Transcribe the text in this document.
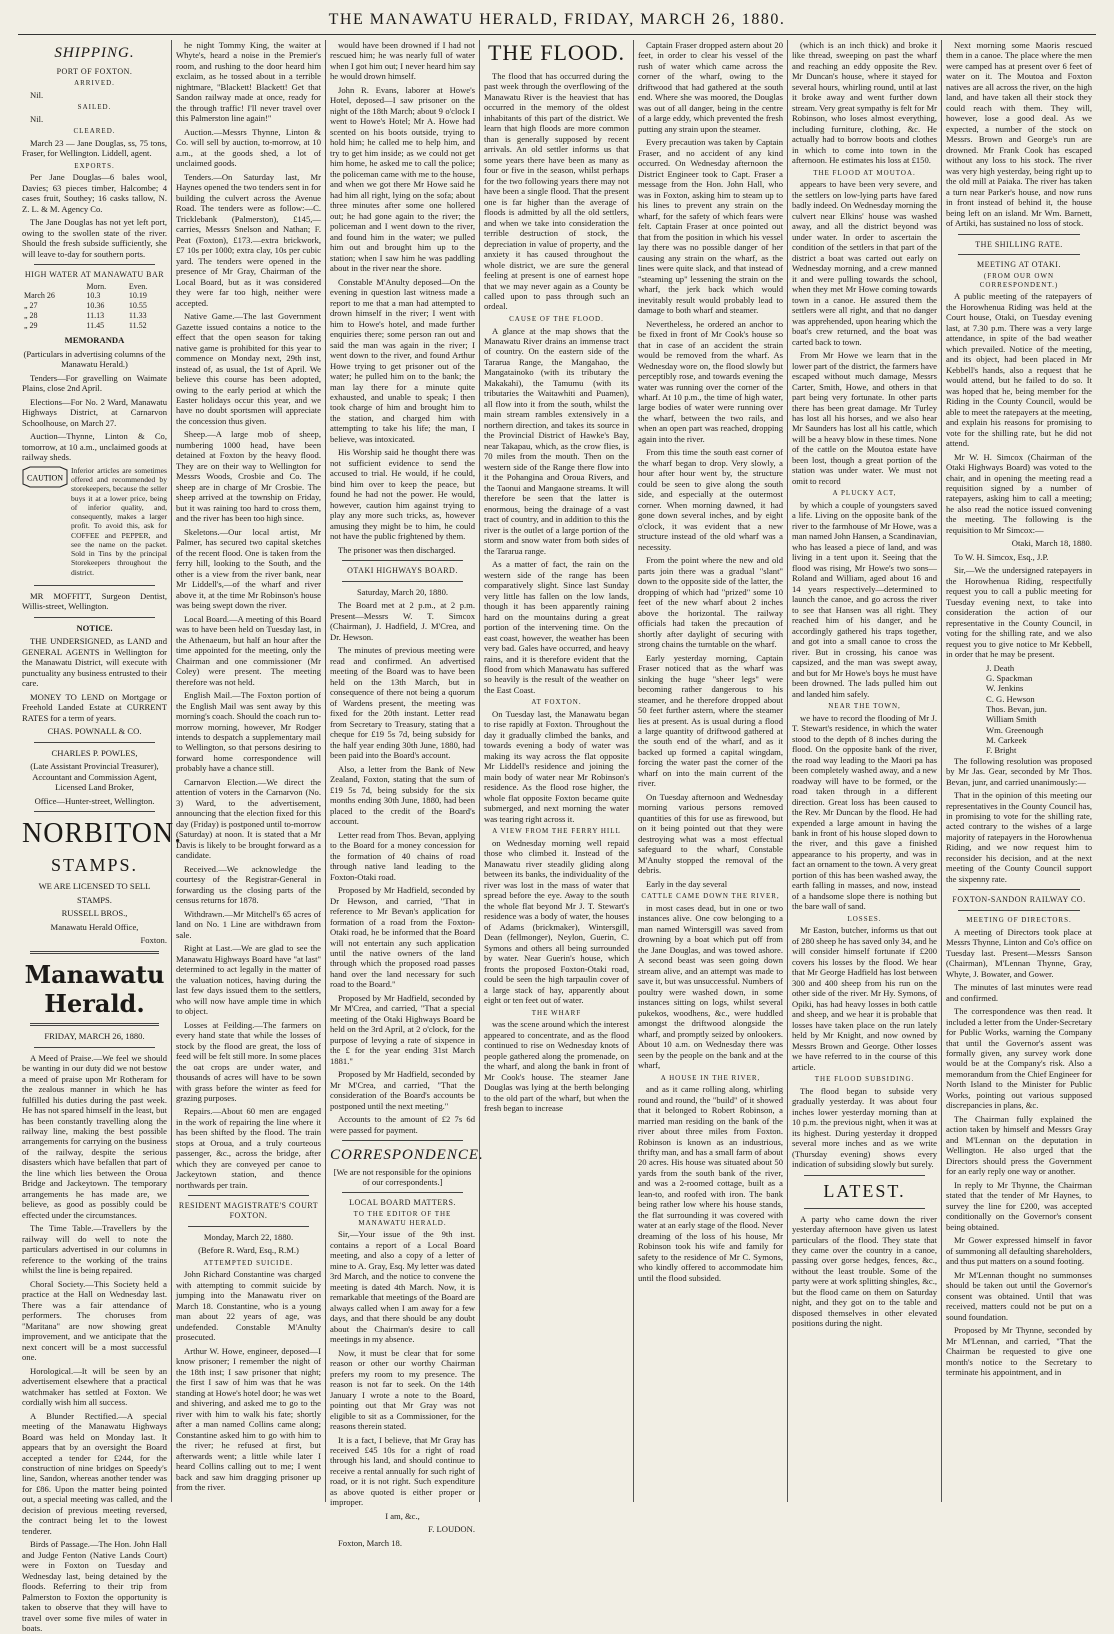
THE MANAWATU HERALD, FRIDAY, MARCH 26, 1880.

SHIPPING.

PORT OF FOXTON.

ARRIVED.

Nil.

SAILED.

Nil.

CLEARED.

March 23 — Jane Douglas, ss, 75 tons, Fraser, for Wellington. Liddell, agent.

EXPORTS.

Per Jane Douglas—6 bales wool, Davies; 63 pieces timber, Halcombe; 4 cases fruit, Southey; 16 casks tallow, N. Z. L. & M. Agency Co.

The Jane Douglas has not yet left port, owing to the swollen state of the river. Should the fresh subside sufficiently, she will leave to-day for southern ports.

HIGH WATER AT MANAWATU BAR

	Morn.	Even.
March 26	10.3	10.19
„ 27	10.36	10.55
„ 28	11.13	11.33
„ 29	11.45	11.52

MEMORANDA

(Particulars in advertising columns of the Manawatu Herald.)

Tenders—For gravelling on Waimate Plains, close 2nd April.

Elections—For No. 2 Ward, Manawatu Highways District, at Carnarvon Schoolhouse, on March 27.

Auction—Thynne, Linton & Co, tomorrow, at 10 a.m., unclaimed goods at railway sheds.

CAUTION

Inferior articles are sometimes offered and recommended by storekeepers, because the seller buys it at a lower price, being of inferior quality, and, consequently, makes a larger profit. To avoid this, ask for COFFEE and PEPPER, and see the name on the packet. Sold in Tins by the principal Storekeepers throughout the district.

MR MOFFITT, Surgeon Dentist, Willis-street, Wellington.

NOTICE.

THE UNDERSIGNED, as LAND and GENERAL AGENTS in Wellington for the Manawatu District, will execute with punctuality any business entrusted to their care.

MONEY TO LEND on Mortgage or Freehold Landed Estate at CURRENT RATES for a term of years.

CHAS. POWNALL & CO.

CHARLES P. POWLES,

(Late Assistant Provincial Treasurer), Accountant and Commission Agent, Licensed Land Broker,

Office—Hunter-street, Wellington.

NORBITON.

STAMPS.

WE ARE LICENSED TO SELL

STAMPS.

RUSSELL BROS.,

Manawatu Herald Office,

Foxton.

Manawatu Herald.

FRIDAY, MARCH 26, 1880.

A Meed of Praise.—We feel we should be wanting in our duty did we not bestow a meed of praise upon Mr Rotheram for the zealous manner in which he has fulfilled his duties during the past week. He has not spared himself in the least, but has been constantly travelling along the railway line, making the best possible arrangements for carrying on the business of the railway, despite the serious disasters which have befallen that part of the line which lies between the Oroua Bridge and Jackeytown. The temporary arrangements he has made are, we believe, as good as possibly could be effected under the circumstances.

The Time Table.—Travellers by the railway will do well to note the particulars advertised in our columns in reference to the working of the trains whilst the line is being repaired.

Choral Society.—This Society held a practice at the Hall on Wednesday last. There was a fair attendance of performers. The choruses from "Maritana" are now showing great improvement, and we anticipate that the next concert will be a most successful one.

Horological.—It will be seen by an advertisement elsewhere that a practical watchmaker has settled at Foxton. We cordially wish him all success.

A Blunder Rectified.—A special meeting of the Manawatu Highways Board was held on Monday last. It appears that by an oversight the Board accepted a tender for £244, for the construction of nine bridges on Speedy's line, Sandon, whereas another tender was for £86. Upon the matter being pointed out, a special meeting was called, and the decision of previous meeting reversed, the contract being let to the lowest tenderer.

Birds of Passage.—The Hon. John Hall and Judge Fenton (Native Lands Court) were in Foxton on Tuesday and Wednesday last, being detained by the floods. Referring to their trip from Palmerston to Foxton the opportunity is taken to observe that they will have to travel over some five miles of water in boats.

he night Tommy King, the waiter at Whyte's, heard a noise in the Premier's room, and rushing to the door heard him exclaim, as he tossed about in a terrible nightmare, "Blackett! Blackett! Get that Sandon railway made at once, ready for the through traffic! I'll never travel over this Palmerston line again!"

Auction.—Messrs Thynne, Linton & Co. will sell by auction, to-morrow, at 10 a.m., at the goods shed, a lot of unclaimed goods.

Tenders.—On Saturday last, Mr Haynes opened the two tenders sent in for building the culvert across the Avenue Road. The tenders were as follow:—C. Tricklebank (Palmerston), £145,—carries, Messrs Snelson and Nathan; F. Peat (Foxton), £173.—extra brickwork, £7 10s per 1000; extra clay, 10s per cubic yard. The tenders were opened in the presence of Mr Gray, Chairman of the Local Board, but as it was considered they were far too high, neither were accepted.

Native Game.—The last Government Gazette issued contains a notice to the effect that the open season for taking native game is prohibited for this year to commence on Monday next, 29th inst, instead of, as usual, the 1st of April. We believe this course has been adopted, owing to the early period at which the Easter holidays occur this year, and we have no doubt sportsmen will appreciate the concession thus given.

Sheep.—A large mob of sheep, numbering 1000 head, have been detained at Foxton by the heavy flood. They are on their way to Wellington for Messrs Woods, Crosbie and Co. The sheep are in charge of Mr Crosbie. The sheep arrived at the township on Friday, but it was raining too hard to cross them, and the river has been too high since.

Skeletons.—Our local artist, Mr Palmer, has secured two capital sketches of the recent flood. One is taken from the ferry hill, looking to the South, and the other is a view from the river bank, near Mr Liddell's,—of the wharf and river above it, at the time Mr Robinson's house was being swept down the river.

Local Board.—A meeting of this Board was to have been held on Tuesday last, in the Athenaeum, but half an hour after the time appointed for the meeting, only the Chairman and one commissioner (Mr Coley) were present. The meeting therefore was not held.

English Mail.—The Foxton portion of the English Mail was sent away by this morning's coach. Should the coach run to-morrow morning, however, Mr Rodger intends to despatch a supplementary mail to Wellington, so that persons desiring to forward home correspondence will probably have a chance still.

Carnarvon Election.—We direct the attention of voters in the Carnarvon (No. 3) Ward, to the advertisement, announcing that the election fixed for this day (Friday) is postponed until to-morrow (Saturday) at noon. It is stated that a Mr Davis is likely to be brought forward as a candidate.

Received.—We acknowledge the courtesy of the Registrar-General in forwarding us the closing parts of the census returns for 1878.

Withdrawn.—Mr Mitchell's 65 acres of land on No. 1 Line are withdrawn from sale.

Right at Last.—We are glad to see the Manawatu Highways Board have "at last" determined to act legally in the matter of the valuation notices, having during the last few days issued them to the settlers, who will now have ample time in which to object.

Losses at Feilding.—The farmers on every hand state that while the losses of stock by the flood are great, the loss of feed will be felt still more. In some places the oat crops are under water, and thousands of acres will have to be sown with grass before the winter as feed for grazing purposes.

Repairs.—About 60 men are engaged in the work of repairing the line where it has been shifted by the flood. The train stops at Oroua, and a truly courteous passenger, &c., across the bridge, after which they are conveyed per canoe to Jackeytown station, and thence northwards per train.

RESIDENT MAGISTRATE'S COURT FOXTON.

Monday, March 22, 1880.

(Before R. Ward, Esq., R.M.)

ATTEMPTED SUICIDE.

John Richard Constantine was charged with attempting to commit suicide by jumping into the Manawatu river on March 18. Constantine, who is a young man about 22 years of age, was undefended. Constable M'Anulty prosecuted.

Arthur W. Howe, engineer, deposed—I know prisoner; I remember the night of the 18th inst; I saw prisoner that night; the first I saw of him was that he was standing at Howe's hotel door; he was wet and shivering, and asked me to go to the river with him to walk his fate; shortly after a man named Collins came along; Constantine asked him to go with him to the river; he refused at first, but afterwards went; a little while later I heard Collins calling out to me; I went back and saw him dragging prisoner up from the river.

would have been drowned if I had not rescued him; he was nearly full of water when I got him out; I never heard him say he would drown himself.

John R. Evans, laborer at Howe's Hotel, deposed—I saw prisoner on the night of the 18th March; about 9 o'clock I went to Howe's Hotel; Mr A. Howe had scented on his boots outside, trying to hold him; he called me to help him, and try to get him inside; as we could not get him home, he asked me to call the police; the policeman came with me to the house, and when we got there Mr Howe said he had him all right, lying on the sofa; about three minutes after some one hollered out; he had gone again to the river; the policeman and I went down to the river, and found him in the water; we pulled him out and brought him up to the station; when I saw him he was paddling about in the river near the shore.

Constable M'Anulty deposed—On the evening in question last witness made a report to me that a man had attempted to drown himself in the river; I went with him to Howe's hotel, and made further enquiries there; some person ran out and said the man was again in the river; I went down to the river, and found Arthur Howe trying to get prisoner out of the water; he pulled him on to the bank; the man lay there for a minute quite exhausted, and unable to speak; I then took charge of him and brought him to the station, and charged him with attempting to take his life; the man, I believe, was intoxicated.

His Worship said he thought there was not sufficient evidence to send the accused to trial. He would, if he could, bind him over to keep the peace, but found he had not the power. He would, however, caution him against trying to play any more such tricks, as, however amusing they might be to him, he could not have the public frightened by them.

The prisoner was then discharged.

OTAKI HIGHWAYS BOARD.

Saturday, March 20, 1880.

The Board met at 2 p.m., at 2 p.m. Present—Messrs W. T. Simcox (Chairman), J. Hadfield, J. M'Crea, and Dr. Hewson.

The minutes of previous meeting were read and confirmed. An advertised meeting of the Board was to have been held on the 13th March, but in consequence of there not being a quorum of Wardens present, the meeting was fixed for the 20th instant. Letter read from Secretary to Treasury, stating that a cheque for £19 5s 7d, being subsidy for the half year ending 30th June, 1880, had been paid into the Board's account.

Also, a letter from the Bank of New Zealand, Foxton, stating that the sum of £19 5s 7d, being subsidy for the six months ending 30th June, 1880, had been placed to the credit of the Board's account.

Letter read from Thos. Bevan, applying to the Board for a money concession for the formation of 40 chains of road through native land leading to the Foxton-Otaki road.

Proposed by Mr Hadfield, seconded by Dr Hewson, and carried, "That in reference to Mr Bevan's application for formation of a road from the Foxton-Otaki road, he be informed that the Board will not entertain any such application until the native owners of the land through which the proposed road passes hand over the land necessary for such road to the Board."

Proposed by Mr Hadfield, seconded by Mr M'Crea, and carried, "That a special meeting of the Otaki Highways Board be held on the 3rd April, at 2 o'clock, for the purpose of levying a rate of sixpence in the £ for the year ending 31st March 1881."

Proposed by Mr Hadfield, seconded by Mr M'Crea, and carried, "That the consideration of the Board's accounts be postponed until the next meeting."

Accounts to the amount of £2 7s 6d were passed for payment.

CORRESPONDENCE.

[We are not responsible for the opinions of our correspondents.]

LOCAL BOARD MATTERS.

TO THE EDITOR OF THE MANAWATU HERALD.

Sir,—Your issue of the 9th inst. contains a report of a Local Board meeting, and also a copy of a letter of mine to A. Gray, Esq. My letter was dated 3rd March, and the notice to convene the meeting is dated 4th March. Now, it is remarkable that meetings of the Board are always called when I am away for a few days, and that there should be any doubt about the Chairman's desire to call meetings in my absence.

Now, it must be clear that for some reason or other our worthy Chairman prefers my room to my presence. The reason is not far to seek. On the 14th January I wrote a note to the Board, pointing out that Mr Gray was not eligible to sit as a Commissioner, for the reasons therein stated.

It is a fact, I believe, that Mr Gray has received £45 10s for a right of road through his land, and should continue to receive a rental annually for such right of road, or it is not right. Such expenditure as above quoted is either proper or improper.

I am, &c.,

F. LOUDON.

Foxton, March 18.

THE FLOOD.

The flood that has occurred during the past week through the overflowing of the Manawatu River is the heaviest that has occurred in the memory of the oldest inhabitants of this part of the district. We learn that high floods are more common than is generally supposed by recent arrivals. An old settler informs us that some years there have been as many as four or five in the season, whilst perhaps for the two following years there may not have been a single flood. That the present one is far higher than the average of floods is admitted by all the old settlers, and when we take into consideration the terrible destruction of stock, the depreciation in value of property, and the anxiety it has caused throughout the whole district, we are sure the general feeling at present is one of earnest hope that we may never again as a County be called upon to pass through such an ordeal.

CAUSE OF THE FLOOD.

A glance at the map shows that the Manawatu River drains an immense tract of country. On the eastern side of the Tararua Range, the Mangahao, the Mangatainoko (with its tributary the Makakahi), the Tamumu (with its tributaries the Waitawhiti and Puamen), all flow into it from the south, whilst the main stream rambles extensively in a northern direction, and takes its source in the Provincial District of Hawke's Bay, near Takapau, which, as the crow flies, is 70 miles from the mouth. Then on the western side of the Range there flow into it the Pohangina and Oroua Rivers, and the Taonui and Mangaone streams. It will therefore be seen that the latter is enormous, being the drainage of a vast tract of country, and in addition to this the river is the outlet of a large portion of the storm and snow water from both sides of the Tararua range.

As a matter of fact, the rain on the western side of the range has been comparatively slight. Since last Sunday very little has fallen on the low lands, though it has been apparently raining hard on the mountains during a great portion of the intervening time. On the east coast, however, the weather has been very bad. Gales have occurred, and heavy rains, and it is therefore evident that the flood from which Manawatu has suffered so heavily is the result of the weather on the East Coast.

AT FOXTON.

On Tuesday last, the Manawatu began to rise rapidly at Foxton. Throughout the day it gradually climbed the banks, and towards evening a body of water was making its way across the flat opposite Mr Liddell's residence and joining the main body of water near Mr Robinson's residence. As the flood rose higher, the whole flat opposite Foxton became quite submerged, and next morning the water was tearing right across it.

A VIEW FROM THE FERRY HILL

on Wednesday morning well repaid those who climbed it. Instead of the Manawatu river steadily gliding along between its banks, the individuality of the river was lost in the mass of water that spread before the eye. Away to the south the whole flat beyond Mr J. T. Stewart's residence was a body of water, the houses of Adams (brickmaker), Wintersgill, Dean (fellmonger), Neylon, Guerin, C. Symons and others all being surrounded by water. Near Guerin's house, which fronts the proposed Foxton-Otaki road, could be seen the high tarpaulin cover of a large stack of hay, apparently about eight or ten feet out of water.

THE WHARF

was the scene around which the interest appeared to concentrate, and as the flood continued to rise on Wednesday knots of people gathered along the promenade, on the wharf, and along the bank in front of Mr Cook's house. The steamer Jane Douglas was lying at the berth belonging to the old part of the wharf, but when the fresh began to increase

Captain Fraser dropped astern about 20 feet, in order to clear his vessel of the rush of water which came across the corner of the wharf, owing to the driftwood that had gathered at the south end. Where she was moored, the Douglas was out of all danger, being in the centre of a large eddy, which prevented the fresh putting any strain upon the steamer.

Every precaution was taken by Captain Fraser, and no accident of any kind occurred. On Wednesday afternoon the District Engineer took to Capt. Fraser a message from the Hon. John Hall, who was in Foxton, asking him to steam up to his lines to prevent any strain on the wharf, for the safety of which fears were felt. Captain Fraser at once pointed out that from the position in which his vessel lay there was no possible danger of her causing any strain on the wharf, as the lines were quite slack, and that instead of "steaming up" lessening the strain on the wharf, the jerk back which would inevitably result would probably lead to damage to both wharf and steamer.

Nevertheless, he ordered an anchor to be fixed in front of Mr Cook's house so that in case of an accident the strain would be removed from the wharf. As Wednesday wore on, the flood slowly but perceptibly rose, and towards evening the water was running over the corner of the wharf. At 10 p.m., the time of high water, large bodies of water were running over the wharf, between the two rails, and when an open part was reached, dropping again into the river.

From this time the south east corner of the wharf began to drop. Very slowly, a hour after hour went by, the structure could be seen to give along the south side, and especially at the outermost corner. When morning dawned, it had gone down several inches, and by eight o'clock, it was evident that a new structure instead of the old wharf was a necessity.

From the point where the new and old parts join there was a gradual "slant" down to the opposite side of the latter, the dropping of which had "prized" some 10 feet of the new wharf about 2 inches above the horizontal. The railway officials had taken the precaution of shortly after daylight of securing with strong chains the turntable on the wharf.

Early yesterday morning, Captain Fraser noticed that as the wharf was sinking the huge "sheer legs" were becoming rather dangerous to his steamer, and he therefore dropped about 50 feet further astern, where the steamer lies at present. As is usual during a flood a large quantity of driftwood gathered at the south end of the wharf, and as it backed up formed a capital wingdam, forcing the water past the corner of the wharf on into the main current of the river.

On Tuesday afternoon and Wednesday morning various persons removed quantities of this for use as firewood, but on it being pointed out that they were destroying what was a most effectual safeguard to the wharf, Constable M'Anulty stopped the removal of the debris.

Early in the day several

CATTLE CAME DOWN THE RIVER,

in most cases dead, but in one or two instances alive. One cow belonging to a man named Wintersgill was saved from drowning by a boat which put off from the Jane Douglas, and was towed ashore. A second beast was seen going down stream alive, and an attempt was made to save it, but was unsuccessful. Numbers of poultry were washed down, in some instances sitting on logs, whilst several pukekos, woodhens, &c., were huddled amongst the driftwood alongside the wharf, and promptly seized by onlookers. About 10 a.m. on Wednesday there was seen by the people on the bank and at the wharf,

A HOUSE IN THE RIVER,

and as it came rolling along, whirling round and round, the "build" of it showed that it belonged to Robert Robinson, a married man residing on the bank of the river about three miles from Foxton. Robinson is known as an industrious, thrifty man, and has a small farm of about 20 acres. His house was situated about 50 yards from the south bank of the river, and was a 2-roomed cottage, built as a lean-to, and roofed with iron. The bank being rather low where his house stands, the flat surrounding it was covered with water at an early stage of the flood. Never dreaming of the loss of his house, Mr Robinson took his wife and family for safety to the residence of Mr C. Symons, who kindly offered to accommodate him until the flood subsided.

(which is an inch thick) and broke it like thread, sweeping on past the wharf and reaching an eddy opposite the Rev. Mr Duncan's house, where it stayed for several hours, whirling round, until at last it broke away and went further down stream. Very great sympathy is felt for Mr Robinson, who loses almost everything, including furniture, clothing, &c. He actually had to borrow boots and clothes in which to come into town in the afternoon. He estimates his loss at £150.

THE FLOOD AT MOUTOA.

appears to have been very severe, and the settlers on low-lying parts have fared badly indeed. On Wednesday morning the culvert near Elkins' house was washed away, and all the district beyond was under water. In order to ascertain the condition of the settlers in that part of the district a boat was carted out early on Wednesday morning, and a crew manned it and were pulling towards the school, when they met Mr Howe coming towards town in a canoe. He assured them the settlers were all right, and that no danger was apprehended, upon hearing which the boat's crew returned, and the boat was carted back to town.

From Mr Howe we learn that in the lower part of the district, the farmers have escaped without much damage, Messrs Carter, Smith, Howe, and others in that part being very fortunate. In other parts there has been great damage. Mr Turley has lost all his horses, and we also hear Mr Saunders has lost all his cattle, which will be a heavy blow in these times. None of the cattle on the Moutoa estate have been lost, though a great portion of the station was under water. We must not omit to record

A PLUCKY ACT,

by which a couple of youngsters saved a life. Living on the opposite bank of the river to the farmhouse of Mr Howe, was a man named John Hansen, a Scandinavian, who has leased a piece of land, and was living in a tent upon it. Seeing that the flood was rising, Mr Howe's two sons—Roland and William, aged about 16 and 14 years respectively—determined to launch the canoe, and go across the river to see that Hansen was all right. They reached him of his danger, and he accordingly gathered his traps together, and got into a small canoe to cross the river. But in crossing, his canoe was capsized, and the man was swept away, and but for Mr Howe's boys he must have been drowned. The lads pulled him out and landed him safely.

NEAR THE TOWN,

we have to record the flooding of Mr J. T. Stewart's residence, in which the water stood to the depth of 8 inches during the flood. On the opposite bank of the river, the road way leading to the Maori pa has been completely washed away, and a new roadway will have to be formed, or the road taken through in a different direction. Great loss has been caused to the Rev. Mr Duncan by the flood. He had expended a large amount in having the bank in front of his house sloped down to the river, and this gave a finished appearance to his property, and was in fact an ornament to the town. A very great portion of this has been washed away, the earth falling in masses, and now, instead of a handsome slope there is nothing but the bare wall of sand.

LOSSES.

Mr Easton, butcher, informs us that out of 280 sheep he has saved only 34, and he will consider himself fortunate if £200 covers his losses by the flood. We hear that Mr George Hadfield has lost between 300 and 400 sheep from his run on the other side of the river. Mr Hy. Symons, of Opiki, has had heavy losses in both cattle and sheep, and we hear it is probable that losses have taken place on the run lately held by Mr Knight, and now owned by Messrs Brown and George. Other losses we have referred to in the course of this article.

THE FLOOD SUBSIDING.

The flood began to subside very gradually yesterday. It was about four inches lower yesterday morning than at 10 p.m. the previous night, when it was at its highest. During yesterday it dropped several more inches and as we write (Thursday evening) shows every indication of subsiding slowly but surely.

LATEST.

A party who came down the river yesterday afternoon have given us latest particulars of the flood. They state that they came over the country in a canoe, passing over gorse hedges, fences, &c., without the least trouble. Some of the party were at work splitting shingles, &c., but the flood came on them on Saturday night, and they got on to the table and disposed themselves in other elevated positions during the night.

Next morning some Maoris rescued them in a canoe. The place where the men were camped has at present over 6 feet of water on it. The Moutoa and Foxton natives are all across the river, on the high land, and have taken all their stock they could reach with them. They will, however, lose a good deal. As we expected, a number of the stock on Messrs. Brown and George's run are drowned. Mr Frank Cook has escaped without any loss to his stock. The river was very high yesterday, being right up to the old mill at Paiaka. The river has taken a turn near Parker's house, and now runs in front instead of behind it, the house being left on an island. Mr Wm. Barnett, of Artiki, has sustained no loss of stock.

THE SHILLING RATE.

MEETING AT OTAKI.

(FROM OUR OWN CORRESPONDENT.)

A public meeting of the ratepayers of the Horowhenua Riding was held at the Court house, Otaki, on Tuesday evening last, at 7.30 p.m. There was a very large attendance, in spite of the bad weather which prevailed. Notice of the meeting, and its object, had been placed in Mr Kebbell's hands, also a request that he would attend, but he failed to do so. It was hoped that he, being member for the Riding in the County Council, would be able to meet the ratepayers at the meeting, and explain his reasons for promising to vote for the shilling rate, but he did not attend.

Mr W. H. Simcox (Chairman of the Otaki Highways Board) was voted to the chair, and in opening the meeting read a requisition signed by a number of ratepayers, asking him to call a meeting; he also read the notice issued convening the meeting. The following is the requisition to Mr Simcox:—

Otaki, March 18, 1880.

To W. H. Simcox, Esq., J.P.

Sir,—We the undersigned ratepayers in the Horowhenua Riding, respectfully request you to call a public meeting for Tuesday evening next, to take into consideration the action of our representative in the County Council, in voting for the shilling rate, and we also request you to give notice to Mr Kebbell, in order that he may be present.

J. Death
G. Spackman
W. Jenkins
C. G. Hewson
Thos. Bevan, jun.
William Smith
Wm. Greenough
M. Carkeek
F. Bright

The following resolution was proposed by Mr Jas. Gear, seconded by Mr Thos. Bevan, junr, and carried unanimously:—

That in the opinion of this meeting our representatives in the County Council has, in promising to vote for the shilling rate, acted contrary to the wishes of a large majority of ratepayers in the Horowhenua Riding, and we now request him to reconsider his decision, and at the next meeting of the County Council support the sixpenny rate.

FOXTON-SANDON RAILWAY CO.

MEETING OF DIRECTORS.

A meeting of Directors took place at Messrs Thynne, Linton and Co's office on Tuesday last. Present—Messrs Sanson (Chairman), M'Lennan Thynne, Gray, Whyte, J. Bowater, and Gower.

The minutes of last minutes were read and confirmed.

The correspondence was then read. It included a letter from the Under-Secretary for Public Works, warning the Company that until the Governor's assent was formally given, any survey work done would be at the Company's risk. Also a memorandum from the Chief Engineer for North Island to the Minister for Public Works, pointing out various supposed discrepancies in plans, &c.

The Chairman fully explained the action taken by himself and Messrs Gray and M'Lennan on the deputation in Wellington. He also urged that the Directors should press the Government for an early reply one way or another.

In reply to Mr Thynne, the Chairman stated that the tender of Mr Haynes, to survey the line for £200, was accepted conditionally on the Governor's consent being obtained.

Mr Gower expressed himself in favor of summoning all defaulting shareholders, and thus put matters on a sound footing.

Mr M'Lennan thought no summonses should be taken out until the Governor's consent was obtained. Until that was received, matters could not be put on a sound foundation.

Proposed by Mr Thynne, seconded by Mr M'Lennan, and carried, "That the Chairman be requested to give one month's notice to the Secretary to terminate his appointment, and in
